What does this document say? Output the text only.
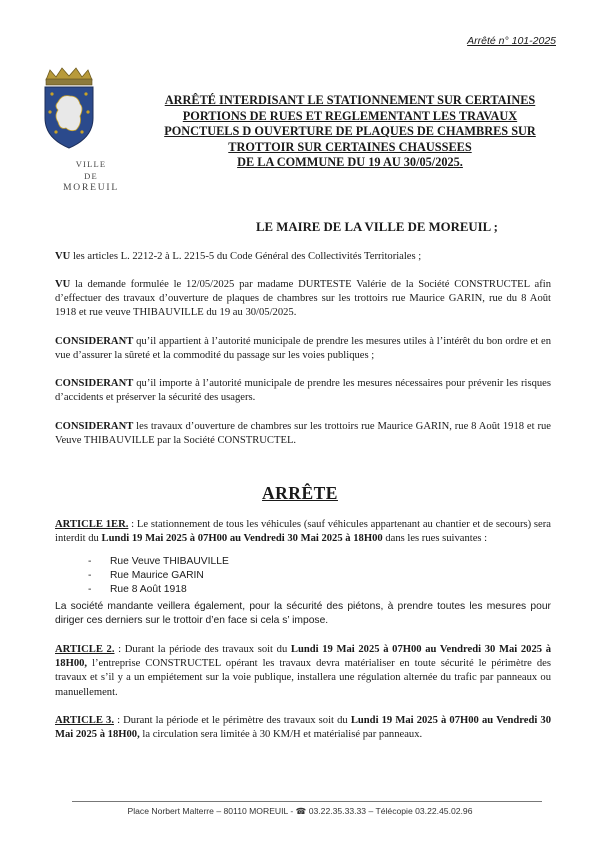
Arrêté n° 101-2025
VILLE
DE
MOREUIL
ARRÊTÉ INTERDISANT LE STATIONNEMENT SUR CERTAINES
PORTIONS DE RUES ET REGLEMENTANT LES TRAVAUX
PONCTUELS D OUVERTURE DE PLAQUES DE CHAMBRES SUR
TROTTOIR SUR CERTAINES CHAUSSEES
DE LA COMMUNE DU 19 AU 30/05/2025.
LE MAIRE DE LA VILLE DE MOREUIL ;
VU les articles L. 2212-2 à L. 2215-5 du Code Général des Collectivités Territoriales ;
VU la demande formulée le 12/05/2025 par madame DURTESTE Valérie de la Société CONSTRUCTEL afin d’effectuer des travaux d’ouverture de plaques de chambres sur les trottoirs rue Maurice GARIN, rue du 8 Août 1918 et rue veuve THIBAUVILLE du 19 au 30/05/2025.
CONSIDERANT qu’il appartient à l’autorité municipale de prendre les mesures utiles à l’intérêt du bon ordre et en vue d’assurer la sûreté et la commodité du passage sur les voies publiques ;
CONSIDERANT qu’il importe à l’autorité municipale de prendre les mesures nécessaires pour prévenir les risques d’accidents et préserver la sécurité des usagers.
CONSIDERANT les travaux d’ouverture de chambres sur les trottoirs rue Maurice GARIN, rue 8 Août 1918 et rue Veuve THIBAUVILLE par la Société CONSTRUCTEL.
ARRÊTE
ARTICLE 1ER. : Le stationnement de tous les véhicules (sauf véhicules appartenant au chantier et de secours) sera interdit du Lundi 19 Mai 2025 à 07H00 au Vendredi 30 Mai 2025 à 18H00 dans les rues suivantes :
- Rue Veuve THIBAUVILLE
- Rue Maurice GARIN
- Rue 8 Août 1918
La société mandante veillera également, pour la sécurité des piétons, à prendre toutes les mesures pour diriger ces derniers sur le trottoir d’en face si cela s’ impose.
ARTICLE 2. : Durant la période des travaux soit du Lundi 19 Mai 2025 à 07H00 au Vendredi 30 Mai 2025 à 18H00, l’entreprise CONSTRUCTEL opérant les travaux devra matérialiser en toute sécurité le périmètre des travaux et s’il y a un empiétement sur la voie publique, installera une régulation alternée du trafic par panneaux ou manuellement.
ARTICLE 3. : Durant la période et le périmètre des travaux soit du Lundi 19 Mai 2025 à 07H00 au Vendredi 30 Mai 2025 à 18H00, la circulation sera limitée à 30 KM/H et matérialisé par panneaux.
Place Norbert Malterre – 80110 MOREUIL - ☎ 03.22.35.33.33 – Télécopie 03.22.45.02.96
